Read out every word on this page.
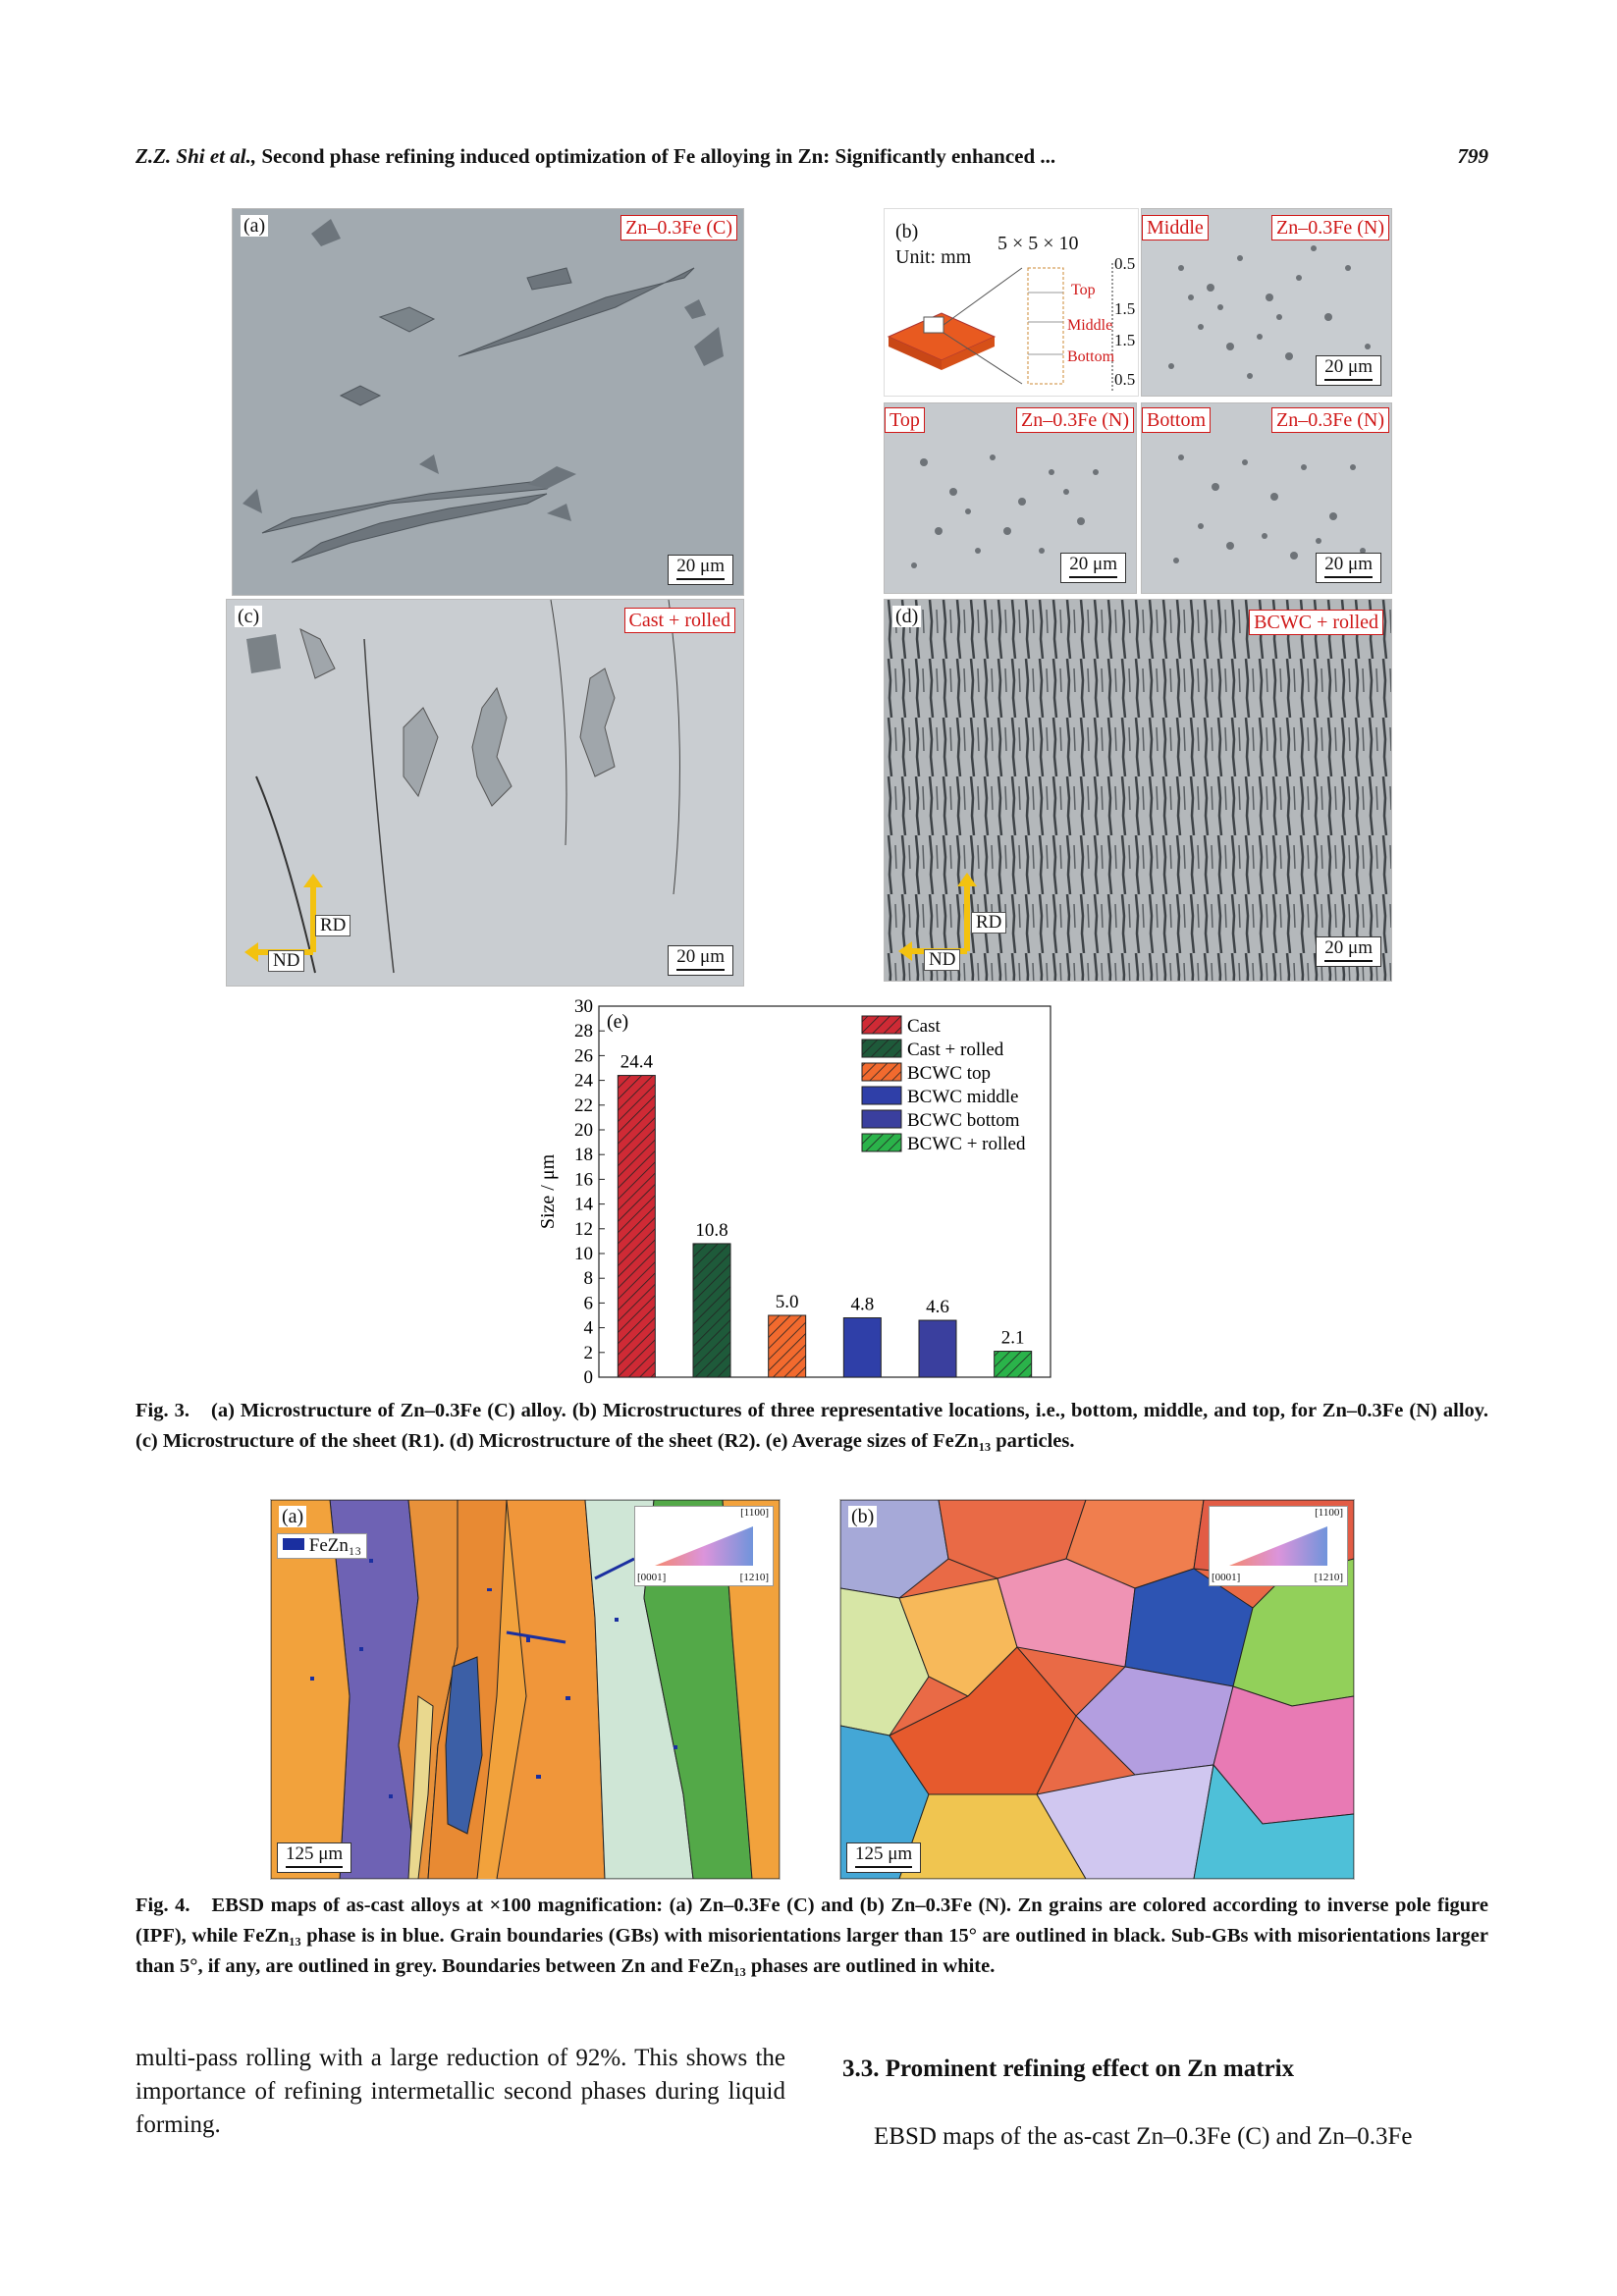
Z.Z. Shi et al., Second phase refining induced optimization of Fe alloying in Zn: Significantly enhanced ...	799
(a)	Zn–0.3Fe (C)
20 μm
(b)
Unit: mm
5 × 5 × 10
Top
Middle
Bottom
0.5
1.5
1.5
0.5
Middle	Zn–0.3Fe (N)
20 μm
Top	Zn–0.3Fe (N)
20 μm
Bottom	Zn–0.3Fe (N)
20 μm
(c)	Cast + rolled
RD
ND	20 μm
(d)	BCWC + rolled
RD
ND
20 μm
0
2
4
6
8
10
12
14
16
18
20
22
24
26
28
30
Size / μm
(e)
24.4
10.8
5.0	4.8	4.6
2.1
Cast
Cast + rolled
BCWC top
BCWC middle
BCWC bottom
BCWC + rolled
Fig. 3. (a) Microstructure of Zn–0.3Fe (C) alloy. (b) Microstructures of three representative locations, i.e., bottom, middle, and top, for Zn–0.3Fe (N) alloy. (c) Microstructure of the sheet (R1). (d) Microstructure of the sheet (R2). (e) Average sizes of FeZn₁₃ particles.
(a)
FeZn₁₃
[1100]
[0001]	[1210]
125 μm
(b)	[1100]
[0001]	[1210]
125 μm
Fig. 4. EBSD maps of as-cast alloys at ×100 magnification: (a) Zn–0.3Fe (C) and (b) Zn–0.3Fe (N). Zn grains are colored according to inverse pole figure (IPF), while FeZn₁₃ phase is in blue. Grain boundaries (GBs) with misorientations larger than 15° are outlined in black. Sub-GBs with misorientations larger than 5°, if any, are outlined in grey. Boundaries between Zn and FeZn₁₃ phases are outlined in white.
multi-pass rolling with a large reduction of 92%. This shows the importance of refining intermetallic second phases during liquid forming.
3.3. Prominent refining effect on Zn matrix
EBSD maps of the as-cast Zn–0.3Fe (C) and Zn–0.3Fe
